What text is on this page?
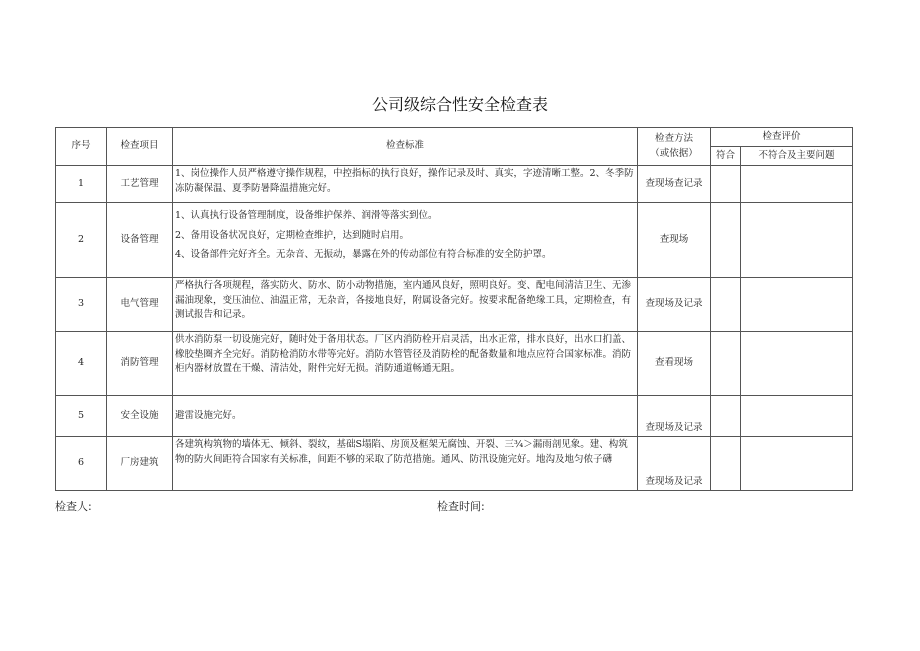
公司级综合性安全检查表
序号	检查项目	检查标准	检查方法
（或依据）	检查评价	
				符合	不符合及主要问题
1	工艺管理	1、岗位操作人员严格遵守操作规程，中控指标的执行良好，操作记录及时、真实，字迹清晰工整。2、冬季防冻防凝保温、夏季防暑降温措施完好。	查现场查记录		
2	设备管理	1、认真执行设备管理制度，设备维护保养、润滑等落实到位。
2、备用设备状况良好，定期检查维护，达到随时启用。
4、设备部件完好齐全。无杂音、无振动，暴露在外的传动部位有符合标准的安全防护罩。	查现场		
3	电气管理	严格执行各项规程，落实防火、防水、防小动物措施，室内通风良好，照明良好。变、配电间清洁卫生、无渗漏油现象，变压油位、油温正常，无杂音，各接地良好，附属设备完好。按要求配备绝缘工具，定期检查，有测试报告和记录。	查现场及记录		
4	消防管理	供水消防泵一切设施完好，随时处于备用状态。厂区内消防栓开启灵活，出水正常，排水良好，出水口扪盖、橡胶垫圈齐全完好。消防枪消防水带等完好。消防水管管径及消防栓的配备数量和地点应符合国家标准。消防柜内器材放置在干燥、清洁处，附件完好无损。消防通道畅通无阻。	查看现场		
5	安全设施	避雷设施完好。	查现场及记录		
6	厂房建筑	各建筑构筑物的墙体无、倾斜、裂纹，基础S塌陷、房顶及框架无腐蚀、开裂、三¾＞漏雨剖见象。建、构筑物的防火间距符合国家有关标准，间距不够的采取了防范措施。通风、防汛设施完好。地沟及地匀侬子礴	查现场及记录		
检查人:	检查时间:
